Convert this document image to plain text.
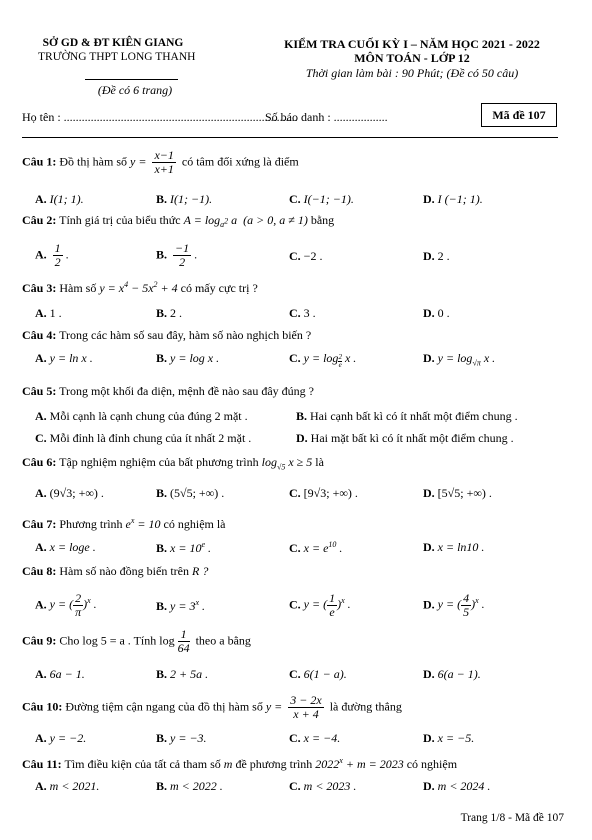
SỞ GD & ĐT KIÊN GIANG
TRƯỜNG THPT LONG THANH
(Đề có 6 trang)
KIỂM TRA CUỐI KỲ I – NĂM HỌC 2021 - 2022
MÔN TOÁN - LỚP 12
Thời gian làm bài : 90 Phút; (Đề có 50 câu)
Họ tên : ..............................................................................
Số báo danh : ..................	Mã đề 107
Câu 1: Đồ thị hàm số $y = \frac{x-1}{x+1}$ có tâm đối xứng là điểm
A. I(1; 1).	B. I(1; −1).	C. I(−1; −1).	D. I (−1; 1).
Câu 2: Tính giá trị của biểu thức $A = \log_{a^2} a$ (a > 0, a ≠ 1) bằng
A. $\frac{1}{2}$ .	B. $\frac{-1}{2}$ .	C. −2 .	D. 2 .
Câu 3: Hàm số $y = x^4 - 5x^2 + 4$ có mấy cực trị ?
A. 1 .	B. 2 .	C. 3 .	D. 0 .
Câu 4: Trong các hàm số sau đây, hàm số nào nghịch biến ?
A. y = ln x .	B. y = log x .	C. y = log $_{\frac{2}{e}}$ x .	D. $y = \log_{√\pi} x$ .
Câu 5: Trong một khối đa diện, mệnh đề nào sau đây đúng ?
A. Mỗi cạnh là cạnh chung của đúng 2 mặt .	B. Hai cạnh bất kì có ít nhất một điểm chung .
C. Mỗi đỉnh là đỉnh chung của ít nhất 2 mặt .	D. Hai mặt bất kì có ít nhất một điểm chung .
Câu 6: Tập nghiệm nghiệm của bất phương trình $\log_{√5} x \ge 5$ là
A. (9√3; +∞) .	B. (5√5; +∞) .	C. [9√3; +∞) .	D. [5√5; +∞) .
Câu 7: Phương trình $e^x = 10$ có nghiệm là
A. x = loge .	B. $x = 10^e$ .	C. $x = e^{10}$ .	D. x = ln10 .
Câu 8: Hàm số nào đồng biến trên R ?
A. y = ( $\frac{2}{\pi} )^x$ .	B. $y = 3^x$ .	C. y = ( $\frac{1}{e} )^x$ .	D. y = ( $\frac{4}{5} )^x$ .
Câu 9: Cho log 5 = a . Tính $\log \frac{1}{64}$ theo a bằng
A. 6a − 1.	B. 2 + 5a .	C. 6(1 − a).	D. 6(a − 1).
Câu 10: Đường tiệm cận ngang của đồ thị hàm số $y = \frac{3 - 2x}{x + 4}$ là đường thẳng
A. y = −2.	B. y = −3.	C. x = −4.	D. x = −5.
Câu 11: Tìm điều kiện của tất cả tham số m đề phương trình $2022^x + m = 2023$ có nghiệm
A. m < 2021.	B. m < 2022 .	C. m < 2023 .	D. m < 2024 .
Trang 1/8 - Mã đề 107
